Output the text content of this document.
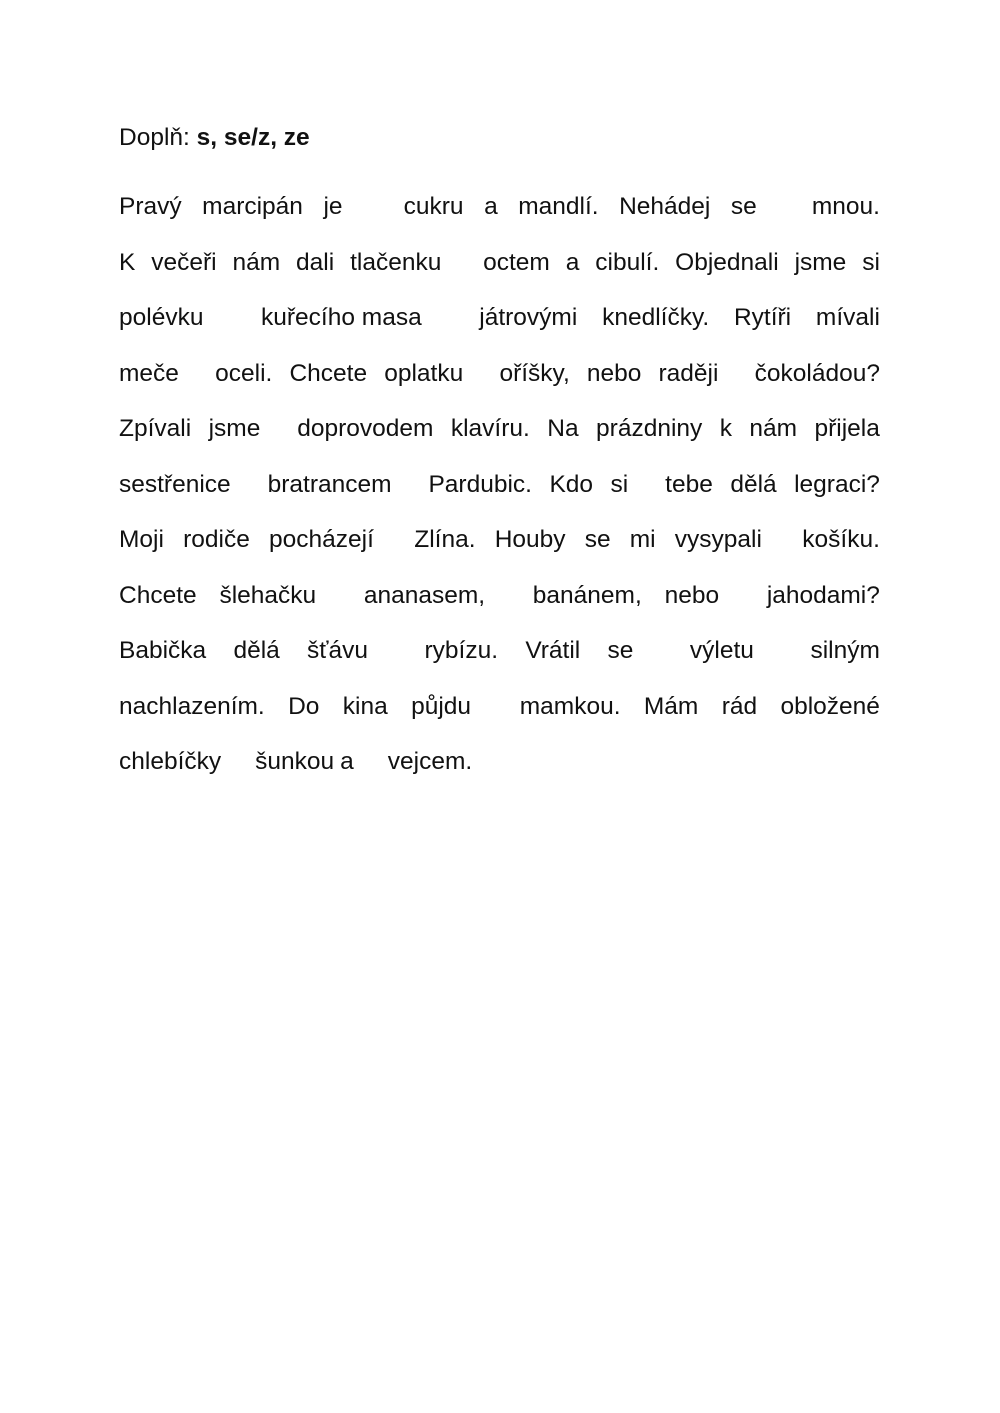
Doplň: s, se/z, ze
Pravý marcipán je cukru a mandlí. Nehádej se mnou.
K večeři nám dali tlačenku octem a cibulí. Objednali jsme si
polévku kuřecího masa játrovými knedlíčky. Rytíři mívali
meče oceli. Chcete oplatku oříšky, nebo raději čokoládou?
Zpívali jsme doprovodem klavíru. Na prázdniny k nám přijela
sestřenice bratrancem Pardubic. Kdo si tebe dělá legraci?
Moji rodiče pocházejí Zlína. Houby se mi vysypali košíku.
Chcete šlehačku ananasem, banánem, nebo jahodami?
Babička dělá šťávu rybízu. Vrátil se výletu silným
nachlazením. Do kina půjdu mamkou. Mám rád obložené
chlebíčky šunkou a vejcem.
